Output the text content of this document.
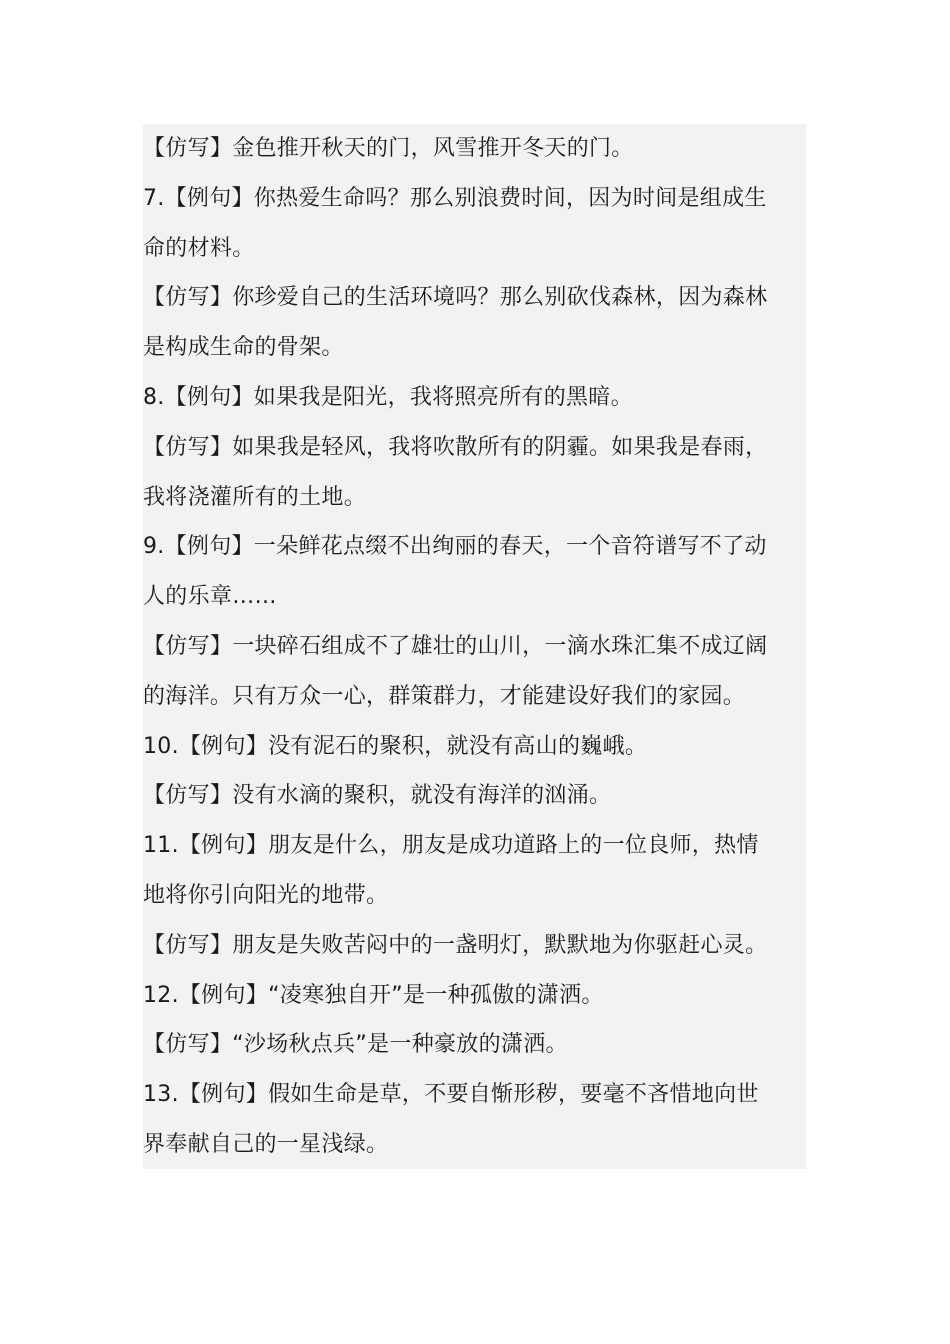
【仿写】金色推开秋天的门，风雪推开冬天的门。
7.【例句】你热爱生命吗？那么别浪费时间，因为时间是组成生
命的材料。
【仿写】你珍爱自己的生活环境吗？那么别砍伐森林，因为森林
是构成生命的骨架。
8.【例句】如果我是阳光，我将照亮所有的黑暗。
【仿写】如果我是轻风，我将吹散所有的阴霾。如果我是春雨，
我将浇灌所有的土地。
9.【例句】一朵鲜花点缀不出绚丽的春天，一个音符谱写不了动
人的乐章……
【仿写】一块碎石组成不了雄壮的山川，一滴水珠汇集不成辽阔
的海洋。只有万众一心，群策群力，才能建设好我们的家园。
10.【例句】没有泥石的聚积，就没有高山的巍峨。
【仿写】没有水滴的聚积，就没有海洋的汹涌。
11.【例句】朋友是什么，朋友是成功道路上的一位良师，热情
地将你引向阳光的地带。
【仿写】朋友是失败苦闷中的一盏明灯，默默地为你驱赶心灵。
12.【例句】“凌寒独自开”是一种孤傲的潇洒。
【仿写】“沙场秋点兵”是一种豪放的潇洒。
13.【例句】假如生命是草，不要自惭形秽，要毫不吝惜地向世
界奉献自己的一星浅绿。
